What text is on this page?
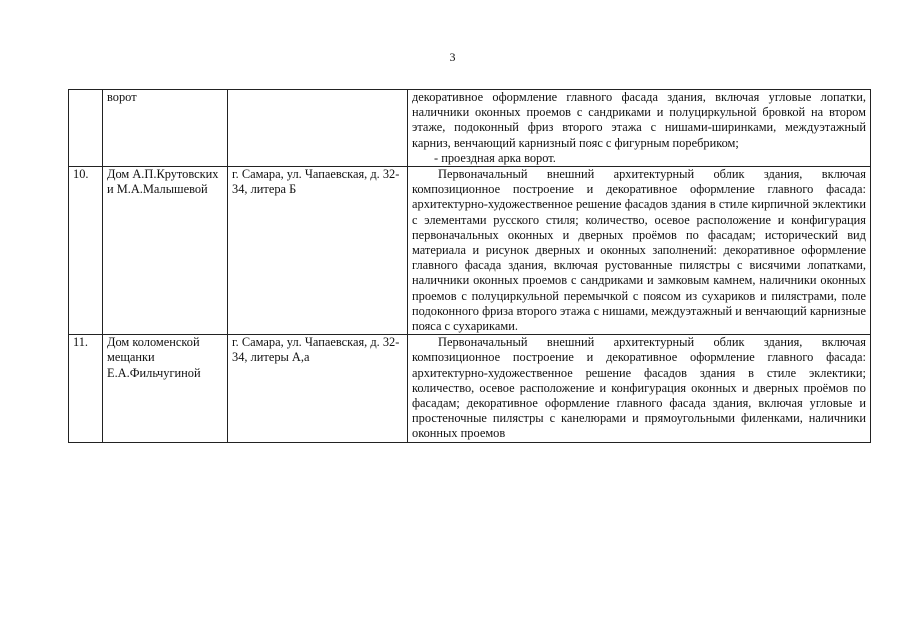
3
	ворот		декоративное оформление главного фасада здания, включая угловые лопатки, наличники оконных проемов с сандриками и полуциркульной бровкой на втором этаже, подоконный фриз второго этажа с нишами-ширинками, междуэтажный карниз, венчающий карнизный пояс с фигурным поребриком;

- проездная арка ворот.

10.	Дом А.П.Крутовских и М.А.Малышевой	г. Самара, ул. Чапаевская, д. 32-34, литера Б	Первоначальный внешний архитектурный облик здания, включая композиционное построение и декоративное оформление главного фасада: архитектурно-художественное решение фасадов здания в стиле кирпичной эклектики с элементами русского стиля; количество, осевое расположение и конфигурация первоначальных оконных и дверных проёмов по фасадам; исторический вид материала и рисунок дверных и оконных заполнений: декоративное оформление главного фасада здания, включая рустованные пилястры с висячими лопатками, наличники оконных проемов с сандриками и замковым камнем, наличники оконных проемов с полуциркульной перемычкой с поясом из сухариков и пилястрами, поле подоконного фриза второго этажа с нишами, междуэтажный и венчающий карнизные пояса с сухариками.

11.	Дом коломенской мещанки Е.А.Фильчугиной	г. Самара, ул. Чапаевская, д. 32-34, литеры А,а	Первоначальный внешний архитектурный облик здания, включая композиционное построение и декоративное оформление главного фасада: архитектурно-художественное решение фасадов здания в стиле эклектики; количество, осевое расположение и конфигурация оконных и дверных проёмов по фасадам; декоративное оформление главного фасада здания, включая угловые и простеночные пилястры с канелюрами и прямоугольными филенками, наличники оконных проемов
